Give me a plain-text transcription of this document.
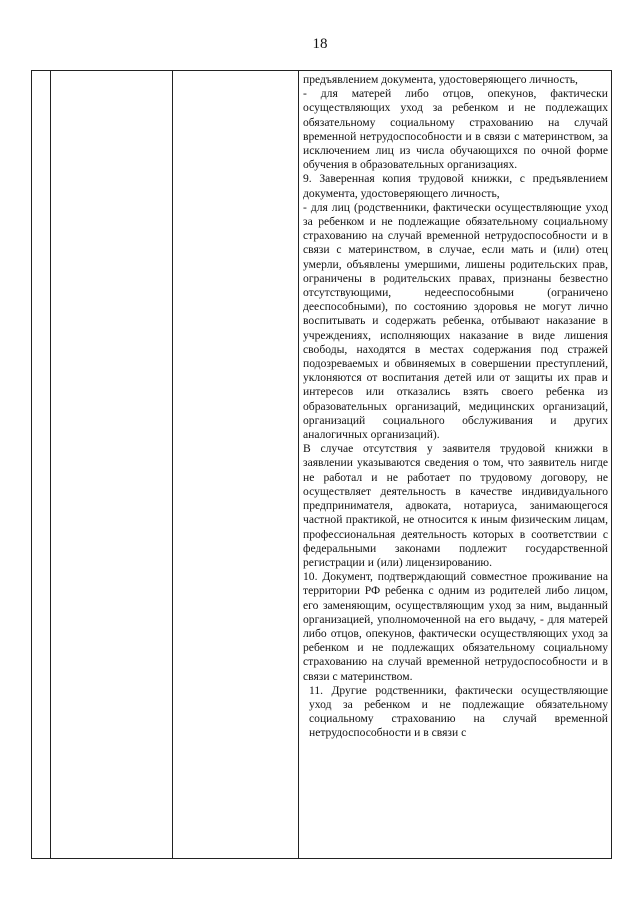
18

предъявлением документа, удостоверяющего личность,

- для матерей либо отцов, опекунов, фактически осуществляющих уход за ребенком и не подлежащих обязательному социальному страхованию на случай временной нетрудоспособности и в связи с материнством, за исключением лиц из числа обучающихся по очной форме обучения в образовательных организациях.

9. Заверенная копия трудовой книжки, с предъявлением документа, удостоверяющего личность,

- для лиц (родственники, фактически осуществляющие уход за ребенком и не подлежащие обязательному социальному страхованию на случай временной нетрудоспособности и в связи с материнством, в случае, если мать и (или) отец умерли, объявлены умершими, лишены родительских прав, ограничены в родительских правах, признаны безвестно отсутствующими, недееспособными (ограничено дееспособными), по состоянию здоровья не могут лично воспитывать и содержать ребенка, отбывают наказание в учреждениях, исполняющих наказание в виде лишения свободы, находятся в местах содержания под стражей подозреваемых и обвиняемых в совершении преступлений, уклоняются от воспитания детей или от защиты их прав и интересов или отказались взять своего ребенка из образовательных организаций, медицинских организаций, организаций социального обслуживания и других аналогичных организаций).

В случае отсутствия у заявителя трудовой книжки в заявлении указываются сведения о том, что заявитель нигде не работал и не работает по трудовому договору, не осуществляет деятельность в качестве индивидуального предпринимателя, адвоката, нотариуса, занимающегося частной практикой, не относится к иным физическим лицам, профессиональная деятельность которых в соответствии с федеральными законами подлежит государственной регистрации и (или) лицензированию.

10. Документ, подтверждающий совместное проживание на территории РФ ребенка с одним из родителей либо лицом, его заменяющим, осуществляющим уход за ним, выданный организацией, уполномоченной на его выдачу, - для матерей либо отцов, опекунов, фактически осуществляющих уход за ребенком и не подлежащих обязательному социальному страхованию на случай временной нетрудоспособности и в связи с материнством.

11. Другие родственники, фактически осуществляющие уход за ребенком и не подлежащие обязательному социальному страхованию на случай временной нетрудоспособности и в связи с
